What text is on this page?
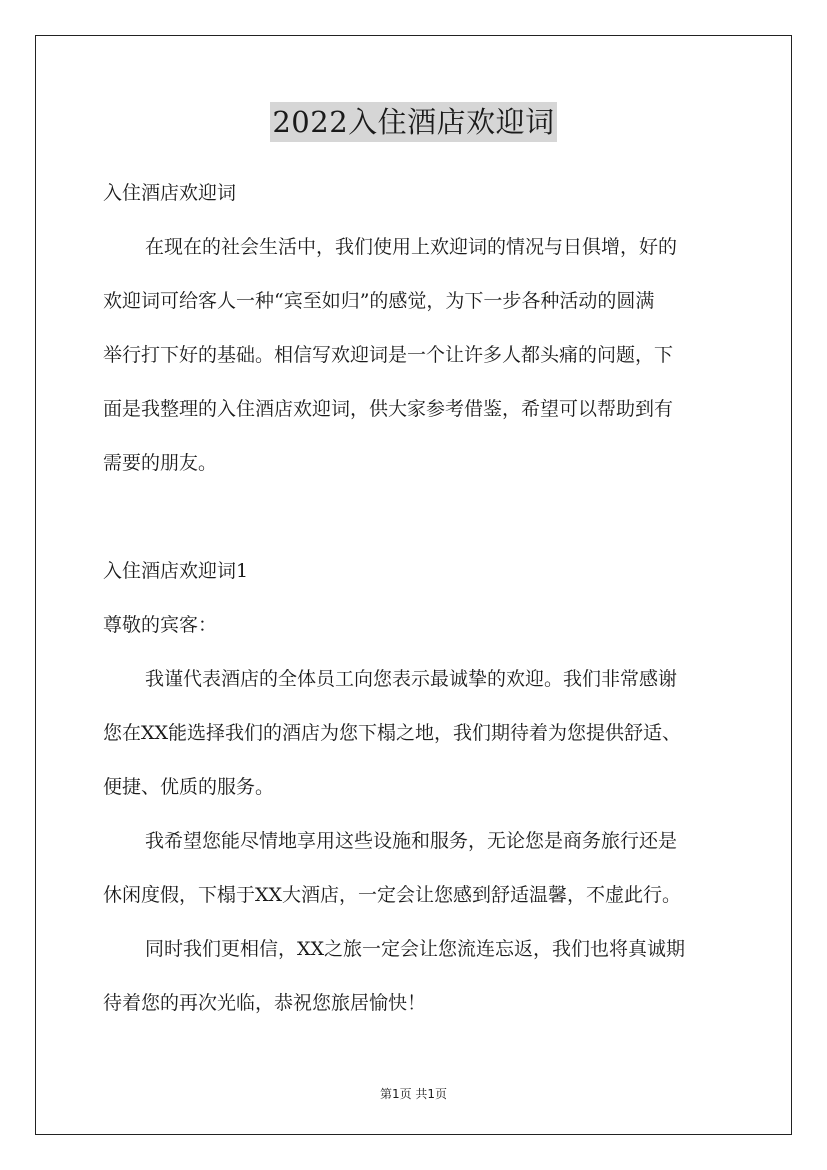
2022入住酒店欢迎词
入住酒店欢迎词
在现在的社会生活中，我们使用上欢迎词的情况与日俱增，好的
欢迎词可给客人一种“宾至如归”的感觉，为下一步各种活动的圆满
举行打下好的基础。相信写欢迎词是一个让许多人都头痛的问题，下
面是我整理的入住酒店欢迎词，供大家参考借鉴，希望可以帮助到有
需要的朋友。
入住酒店欢迎词1
尊敬的宾客：
我谨代表酒店的全体员工向您表示最诚挚的欢迎。我们非常感谢
您在XX能选择我们的酒店为您下榻之地，我们期待着为您提供舒适、
便捷、优质的服务。
我希望您能尽情地享用这些设施和服务，无论您是商务旅行还是
休闲度假，下榻于XX大酒店，一定会让您感到舒适温馨，不虚此行。
同时我们更相信，XX之旅一定会让您流连忘返，我们也将真诚期
待着您的再次光临，恭祝您旅居愉快！
第1页 共1页
